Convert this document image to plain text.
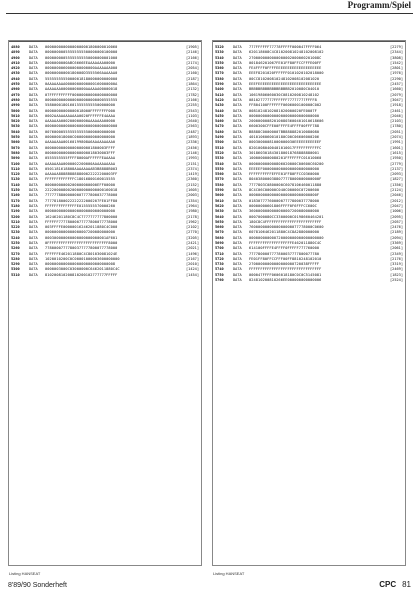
Programm/Spiel
4880	DATA	00000000000000000001800000010060	[1905]
4890	DATA	00000000055555555500000000100000	[2146]
4900	DATA	00000000055555555550000000001000	[2166]
4910	DATA	8000000000ABC6666EEAAAAAAA00000	[2174]
4920	DATA	0000000060000000000000AAAAAAA000	[2054]
4930	DATA	00000000000180000D3555566AAAAAA0	[2160]
4940	DATA	55555555550000018180000000000000	[2187]
4950	DATA	0AAAAAAAA0000000000000160000000A	[1864]
4960	DATA	AAAAAAA00000000000AAAAAA00000018	[2132]
4970	DATA	07FFFFFFFFFF00000000000000000000	[1782]
4980	DATA	00000000000000000000000000555555	[2166]
4990	DATA	5580000180160155555555500000000	[2255]
5000	DATA	00000000000000018000FFFFFFFF000	[2543]
5010	DATA	0002AAAAAAAAAAA0020FFFFFFE4AAAA	[1103]
5020	DATA	AAAAAAA000200000000AAAAAAA00000	[2640]
5030	DATA	00000000000000000000000000000000	[2563]
5040	DATA	0076000055555555555000000000000	[2487]
5050	DATA	000000018000C000000000000000000	[1893]
5060	DATA	AAAAAAAA00160199808A6AAAAAAAAA0	[2336]
5070	DATA	000000000000000000001800003FFFF	[2456]
5080	DATA	0000000000000000000018030003FFF	[2146]
5090	DATA	0555555555FFFF8000AFFFFFFEAAAAA	[1993]
5100	DATA	AAAAAAAA0000002200000AAAAAAAAAA	[2151]
5110	DATA	0501181618808AAAAAAAAB3B8888B003	[2374]
5120	DATA	AAAAAA8888B8888800022222200003FF	[1419]
5130	DATA	FFFFFFFFFFFFFC18016800160015555	[2360]
5140	DATA	00000000000200000000000EFF00000	[2152]
5150	DATA	22220000800200000000000000160018	[1605]
5160	DATA	77777788000000007777800037778000	[2003]
5170	DATA	777781800022222222000207FE01FF80	[1354]
5180	DATA	FFFFFFFFFFFFFFE0155555570000260	[1964]
5190	DATA	0000000000000000000000000000000	[1980]
5200	DATA	16246201180C8C4C7777777777800000	[2178]
5210	DATA	FFFFFF77778000077777800077778000	[1962]
5220	DATA	003FFFFE000000162462011880C4C000	[2102]
5230	DATA	0000000000000000007200080000000	[2770]
5240	DATA	000300000060000000000000001AF601	[3205]
5250	DATA	0FFFFFFFFFFFFFFFFFFFFFFFFFFF8000	[2421]
5260	DATA	77800007777800377777800077778000	[2021]
5270	DATA	FFFFFFE462011880C4C801030081024E	[1496]
5280	DATA	1020010200C0C00001000003600000000	[2167]
5290	DATA	0000000000000000000000000000008	[2010]
5300	DATA	0000003000C03000000C6462011880C4C	[1424]
5310	DATA	810200810200810200102777777FFFFF	[1454]
5320	DATA	777FFFFFF77778FFFFF000047FFFF064	[2279]
5330	DATA	620118608C4C810200810248102008102	[2344]
5340	DATA	2700000000000000002000060201008C	[3808]
5350	DATA	001846201067FE01FF80FFCCFFFE00FF	[1542]
5360	DATA	FE4FFFF0FFFFEEEEEEEEEEEEEEEEEEEE	[2801]
5370	DATA	EEEF8201020FFFFFF0101020102018000	[1976]
5380	DATA	00CC810200810248102008102081020	[2290]
5390	DATA	EEEFEEEEEEEEEEEEEEEEEEEEEEEEEEEE	[2457]
5400	DATA	BBBBBBBBBBBBBBBBBB2010080C04010	[1660]
5410	DATA	10619806060030C0810200810248102	[2079]
5420	DATA	08102777777FFFFFF77777777FFFF8	[3047]
5430	DATA	FF804100FFFFFFF0606000100000C002	[1918]
5440	DATA	00810248102081020000020FE0007F	[2461]
5450	DATA	0000000000000000000000000000000	[2046]
5460	DATA	200000000820100803600401010618606	[2103]
5470	DATA	6600300CFFE00FFFFE4FFFF00FFF788	[1780]
5480	DATA	B8888C00000007BB888882010080080	[2051]
5490	DATA	4010106060010180C00C06606000206	[2074]
5500	DATA	00030000081000000030EEEEEEEEEEEF	[1991]
5510	DATA	82010080400401010017FFFFFFFFFFFC	[1601]
5520	DATA	3018603018430180018768888880001	[1615]
5530	DATA	1000000000080201FFFFFFFC01010060	[1950]
5540	DATA	000000000000806020000C00600C60200	[2779]
5550	DATA	EEEEEF0000000000000000000000000	[2137]
5560	DATA	FFFFFFFFFFEFFE01FF80FFCC0360000	[2093]
5570	DATA	8040380000388077778000000000000F	[1827]
5580	DATA	7777803C0800000C6078106460011880	[1356]
5590	DATA	8C4C06C00000C040C00000C07200600	[2124]
5600	DATA	000000000000000000000000000000F	[2046]
5610	DATA	0183077776000007777800037778000	[2012]
5620	DATA	00000000601806FFFF0F6FFFCC600C	[2047]
5630	DATA	3600000000000000007200080000000	[1006]
5640	DATA	0007000080CC3300000C0198660464201	[2095]
5650	DATA	180C8C4FFFFFFFFFFFFFFFFFFFFFFFFF	[2057]
5660	DATA	7600000000000000000077778000C0600	[2476]
5670	DATA	6078106462011880C4C8A2880000000	[2189]
5680	DATA	000000000000720000000000000000000	[2094]
5690	DATA	FFFFFFFFFFFFFFFFFFFE462011880C4C	[3369]
5700	DATA	614100FFFFE4FFFF0FFFFF777760000	[2061]
5710	DATA	7777800007777800037777800077780	[2349]
5720	DATA	FE01FF80FFCCFFF00FF8810248102010	[2176]
5730	DATA	27000000000000000000720038FFFFF	[3319]
5740	DATA	FFFFFFFFFFFFFFFFFFFFFFFFFFFFFFFF	[2469]
5750	DATA	000047FFFF0606018180C0C0C5145081	[1823]
5760	DATA	024810200810266EE000000000000006	[2524]
Listing HANSEAT	Listing HANSEAT
8'89/90 Sonderheft	CPC 81
